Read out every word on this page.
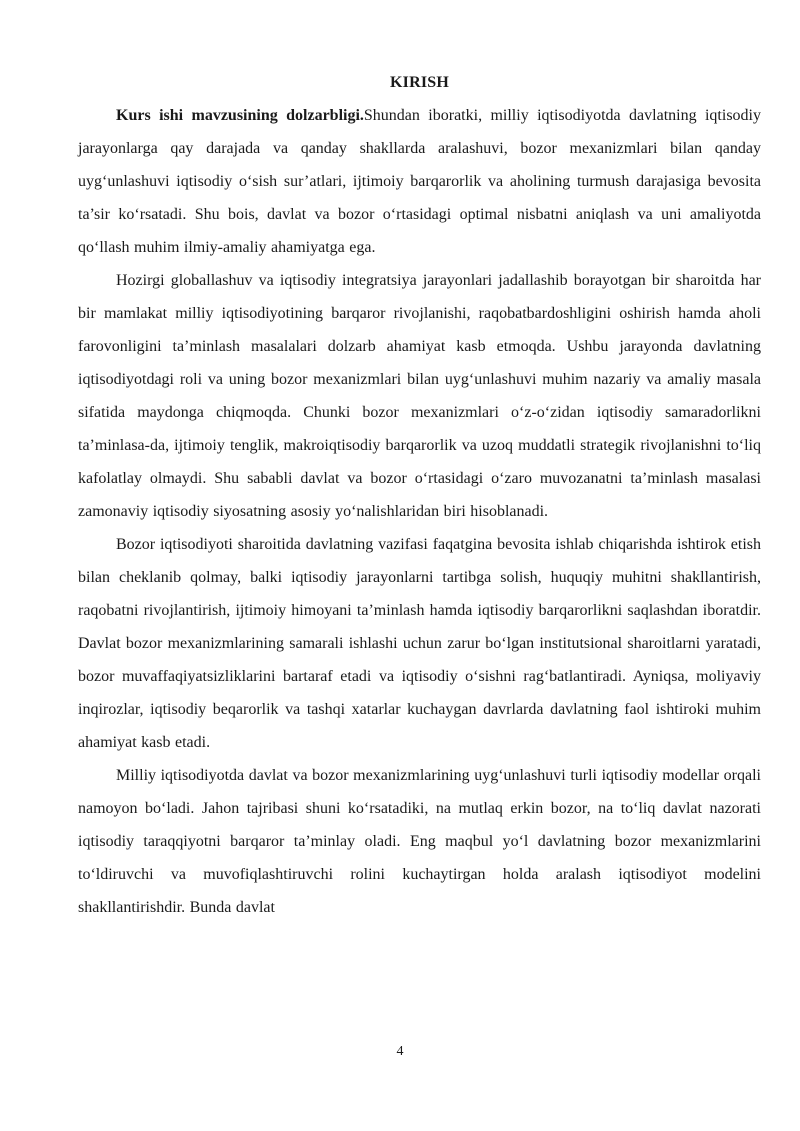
KIRISH

Kurs ishi mavzusining dolzarbligi.Shundan iboratki, milliy iqtisodiyotda davlatning iqtisodiy jarayonlarga qay darajada va qanday shakllarda aralashuvi, bozor mexanizmlari bilan qanday uyg‘unlashuvi iqtisodiy o‘sish sur’atlari, ijtimoiy barqarorlik va aholining turmush darajasiga bevosita ta’sir ko‘rsatadi. Shu bois, davlat va bozor o‘rtasidagi optimal nisbatni aniqlash va uni amaliyotda qo‘llash muhim ilmiy-amaliy ahamiyatga ega.

Hozirgi globallashuv va iqtisodiy integratsiya jarayonlari jadallashib borayotgan bir sharoitda har bir mamlakat milliy iqtisodiyotining barqaror rivojlanishi, raqobatbardoshligini oshirish hamda aholi farovonligini ta’minlash masalalari dolzarb ahamiyat kasb etmoqda. Ushbu jarayonda davlatning iqtisodiyotdagi roli va uning bozor mexanizmlari bilan uyg‘unlashuvi muhim nazariy va amaliy masala sifatida maydonga chiqmoqda. Chunki bozor mexanizmlari o‘z-o‘zidan iqtisodiy samaradorlikni ta’minlasa-da, ijtimoiy tenglik, makroiqtisodiy barqarorlik va uzoq muddatli strategik rivojlanishni to‘liq kafolatlay olmaydi. Shu sababli davlat va bozor o‘rtasidagi o‘zaro muvozanatni ta’minlash masalasi zamonaviy iqtisodiy siyosatning asosiy yo‘nalishlaridan biri hisoblanadi.

Bozor iqtisodiyoti sharoitida davlatning vazifasi faqatgina bevosita ishlab chiqarishda ishtirok etish bilan cheklanib qolmay, balki iqtisodiy jarayonlarni tartibga solish, huquqiy muhitni shakllantirish, raqobatni rivojlantirish, ijtimoiy himoyani ta’minlash hamda iqtisodiy barqarorlikni saqlashdan iboratdir. Davlat bozor mexanizmlarining samarali ishlashi uchun zarur bo‘lgan institutsional sharoitlarni yaratadi, bozor muvaffaqiyatsizliklarini bartaraf etadi va iqtisodiy o‘sishni rag‘batlantiradi. Ayniqsa, moliyaviy inqirozlar, iqtisodiy beqarorlik va tashqi xatarlar kuchaygan davrlarda davlatning faol ishtiroki muhim ahamiyat kasb etadi.

Milliy iqtisodiyotda davlat va bozor mexanizmlarining uyg‘unlashuvi turli iqtisodiy modellar orqali namoyon bo‘ladi. Jahon tajribasi shuni ko‘rsatadiki, na mutlaq erkin bozor, na to‘liq davlat nazorati iqtisodiy taraqqiyotni barqaror ta’minlay oladi. Eng maqbul yo‘l davlatning bozor mexanizmlarini to‘ldiruvchi va muvofiqlashtiruvchi rolini kuchaytirgan holda aralash iqtisodiyot modelini shakllantirishdir. Bunda davlat

4
